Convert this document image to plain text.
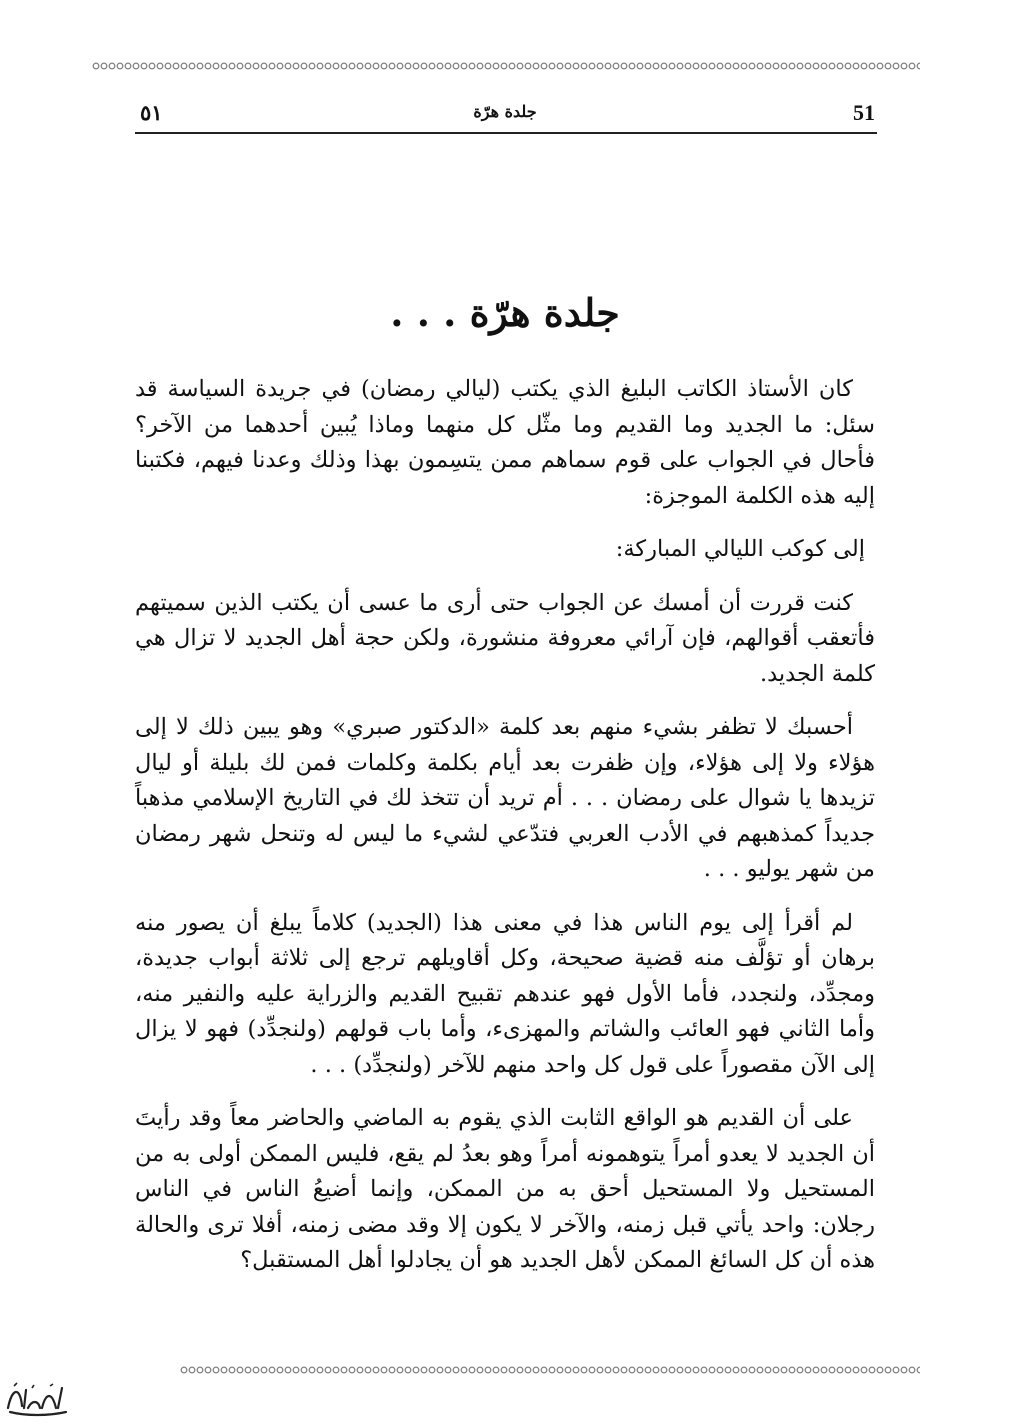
51
جلدة هرّة
٥١
جلدة هرّة . . .

كان الأستاذ الكاتب البليغ الذي يكتب (ليالي رمضان) في جريدة السياسة قد سئل: ما الجديد وما القديم وما مثّل كل منهما وماذا يُبين أحدهما من الآخر؟ فأحال في الجواب على قوم سماهم ممن يتسِمون بهذا وذلك وعدنا فيهم، فكتبنا إليه هذه الكلمة الموجزة:

إلى كوكب الليالي المباركة:

كنت قررت أن أمسك عن الجواب حتى أرى ما عسى أن يكتب الذين سميتهم فأتعقب أقوالهم، فإن آرائي معروفة منشورة، ولكن حجة أهل الجديد لا تزال هي كلمة الجديد.

أحسبك لا تظفر بشيء منهم بعد كلمة «الدكتور صبري» وهو يبين ذلك لا إلى هؤلاء ولا إلى هؤلاء، وإن ظفرت بعد أيام بكلمة وكلمات فمن لك بليلة أو ليال تزيدها يا شوال على رمضان . . . أم تريد أن تتخذ لك في التاريخ الإسلامي مذهباً جديداً كمذهبهم في الأدب العربي فتدّعي لشيء ما ليس له وتنحل شهر رمضان من شهر يوليو . . .

لم أقرأ إلى يوم الناس هذا في معنى هذا (الجديد) كلاماً يبلغ أن يصور منه برهان أو تؤلَّف منه قضية صحيحة، وكل أقاويلهم ترجع إلى ثلاثة أبواب جديدة، ومجدِّد، ولنجدد، فأما الأول فهو عندهم تقبيح القديم والزراية عليه والنفير منه، وأما الثاني فهو العائب والشاتم والمهزىء، وأما باب قولهم (ولنجدِّد) فهو لا يزال إلى الآن مقصوراً على قول كل واحد منهم للآخر (ولنجدِّد) . . .

على أن القديم هو الواقع الثابت الذي يقوم به الماضي والحاضر معاً وقد رأيتَ أن الجديد لا يعدو أمراً يتوهمونه أمراً وهو بعدُ لم يقع، فليس الممكن أولى به من المستحيل ولا المستحيل أحق به من الممكن، وإنما أضيعُ الناس في الناس رجلان: واحد يأتي قبل زمنه، والآخر لا يكون إلا وقد مضى زمنه، أفلا ترى والحالة هذه أن كل السائغ الممكن لأهل الجديد هو أن يجادلوا أهل المستقبل؟
